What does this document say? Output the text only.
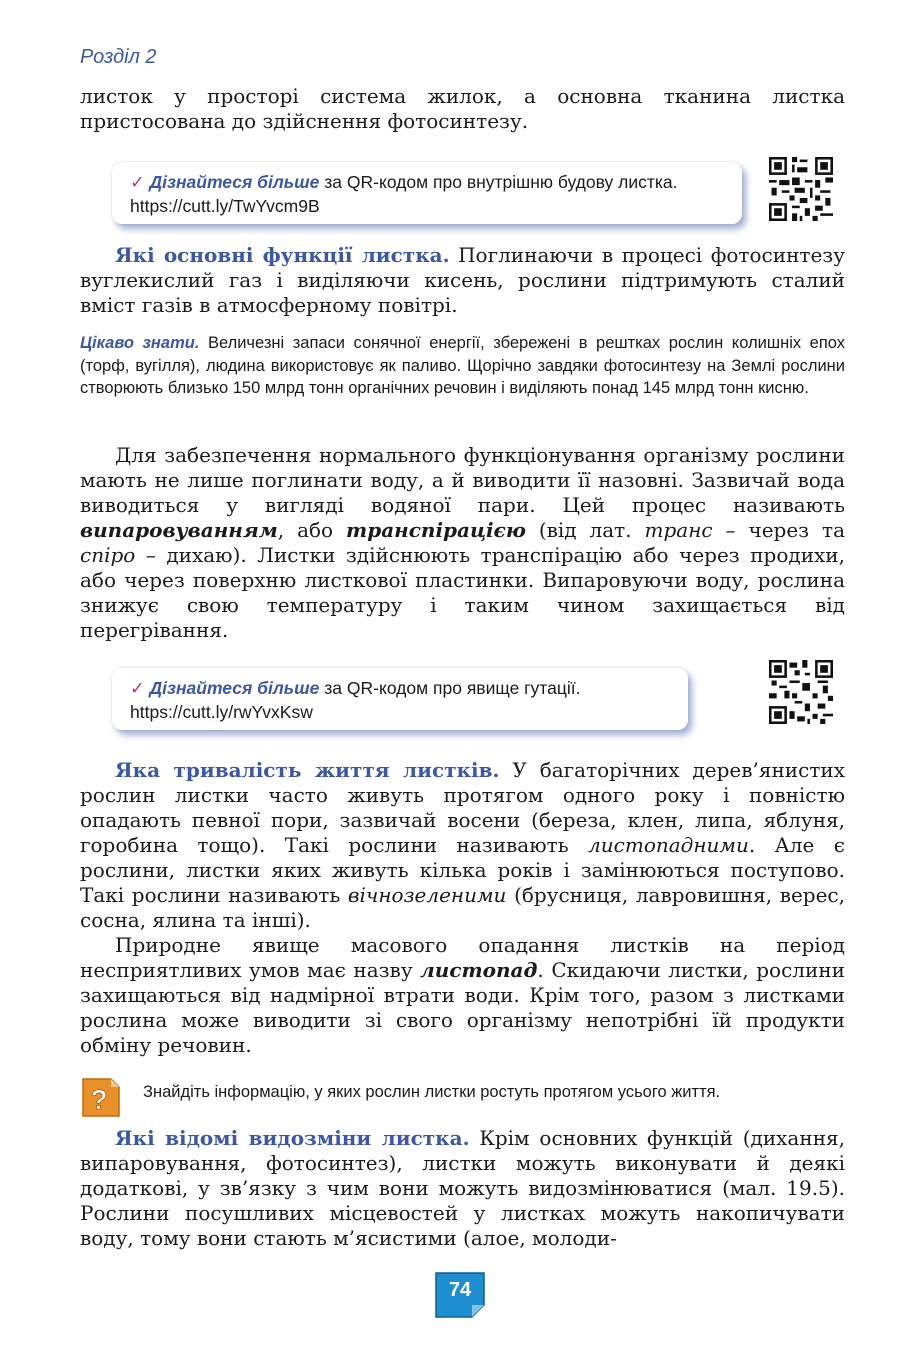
Розділ 2

листок у просторі система жилок, а основна тканина листка пристосована до здійснення фотосинтезу.

✓ Дізнайтеся більше за QR-кодом про внутрішню будову листка. https://cutt.ly/TwYvcm9B

Які основні функції листка. Поглинаючи в процесі фотосинтезу вуглекислий газ і виділяючи кисень, рослини підтримують сталий вміст газів в атмосферному повітрі.

Цікаво знати. Величезні запаси сонячної енергії, збережені в рештках рослин колишніх епох (торф, вугілля), людина використовує як паливо. Щорічно завдяки фотосинтезу на Землі рослини створюють близько 150 млрд тонн органічних речовин і виділяють понад 145 млрд тонн кисню.

Для забезпечення нормального функціонування організму рослини мають не лише поглинати воду, а й виводити її назовні. Зазвичай вода виводиться у вигляді водяної пари. Цей процес називають випаровуванням, або транспірацією (від лат. транс – через та спіро – дихаю). Листки здійснюють транспірацію або через продихи, або через поверхню листкової пластинки. Випаровуючи воду, рослина знижує свою температуру і таким чином захищається від перегрівання.

✓ Дізнайтеся більше за QR-кодом про явище гутації. https://cutt.ly/rwYvxKsw

Яка тривалість життя листків. У багаторічних дерев’янистих рослин листки часто живуть протягом одного року і повністю опадають певної пори, зазвичай восени (береза, клен, липа, яблуня, горобина тощо). Такі рослини називають листопадними. Але є рослини, листки яких живуть кілька років і замінюються поступово. Такі рослини називають вічнозеленими (брусниця, лавровишня, верес, сосна, ялина та інші).

Природне явище масового опадання листків на період несприятливих умов має назву листопад. Скидаючи листки, рослини захищаються від надмірної втрати води. Крім того, разом з листками рослина може виводити зі свого організму непотрібні їй продукти обміну речовин.

? Знайдіть інформацію, у яких рослин листки ростуть протягом усього життя.

Які відомі видозміни листка. Крім основних функцій (дихання, випаровування, фотосинтез), листки можуть виконувати й деякі додаткові, у зв’язку з чим вони можуть видозмінюватися (мал. 19.5). Рослини посушливих місцевостей у листках можуть накопичувати воду, тому вони стають м’ясистими (алое, молоди-

74
